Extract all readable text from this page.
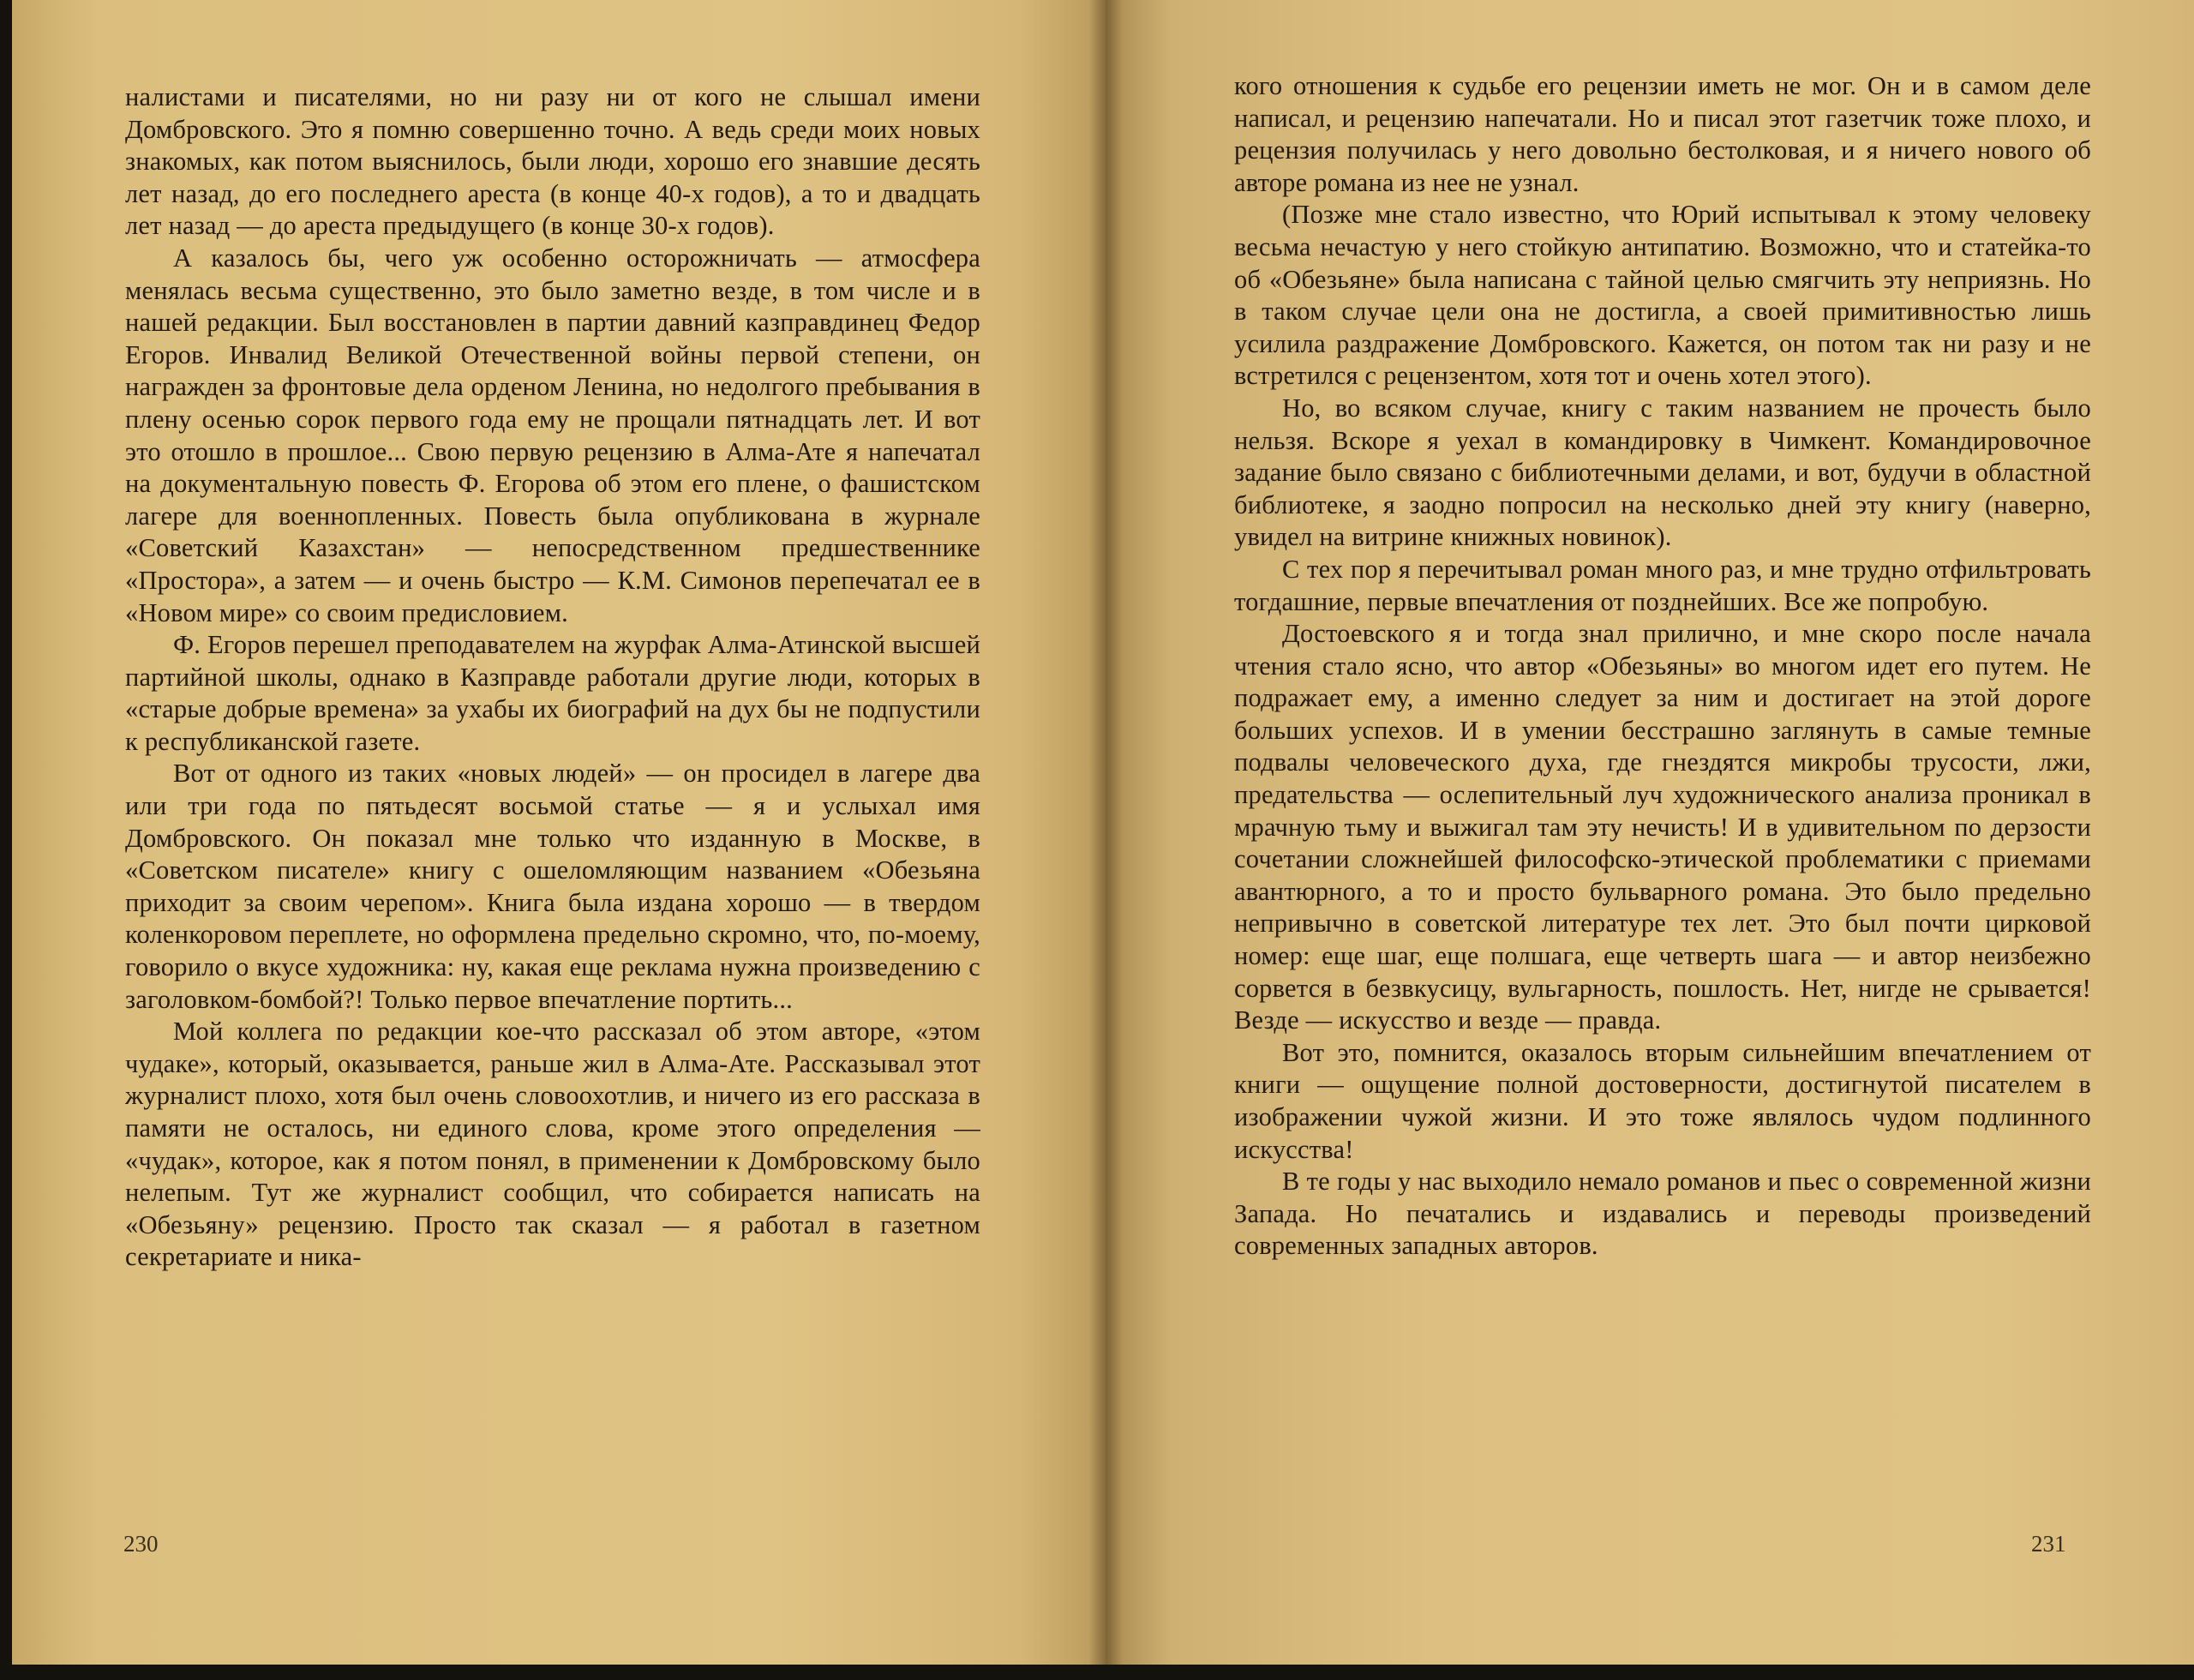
налистами и писателями, но ни разу ни от кого не слышал имени Домбровского. Это я помню совершенно точно. А ведь среди моих новых знакомых, как потом выяснилось, были люди, хорошо его знавшие десять лет назад, до его последнего ареста (в конце 40-х годов), а то и двадцать лет назад — до ареста предыдущего (в конце 30-х годов).

А казалось бы, чего уж особенно осторожничать — атмосфера менялась весьма существенно, это было заметно везде, в том числе и в нашей редакции. Был восстановлен в партии давний казправдинец Федор Егоров. Инвалид Великой Отечественной войны первой степени, он награжден за фронтовые дела орденом Ленина, но недолгого пребывания в плену осенью сорок первого года ему не прощали пятнадцать лет. И вот это отошло в прошлое... Свою первую рецензию в Алма-Ате я напечатал на документальную повесть Ф. Егорова об этом его плене, о фашистском лагере для военнопленных. Повесть была опубликована в журнале «Советский Казахстан» — непосредственном предшественнике «Простора», а затем — и очень быстро — К.М. Симонов перепечатал ее в «Новом мире» со своим предисловием.

Ф. Егоров перешел преподавателем на журфак Алма-Атинской высшей партийной школы, однако в Казправде работали другие люди, которых в «старые добрые времена» за ухабы их биографий на дух бы не подпустили к республиканской газете.

Вот от одного из таких «новых людей» — он просидел в лагере два или три года по пятьдесят восьмой статье — я и услыхал имя Домбровского. Он показал мне только что изданную в Москве, в «Советском писателе» книгу с ошеломляющим названием «Обезьяна приходит за своим черепом». Книга была издана хорошо — в твердом коленкоровом переплете, но оформлена предельно скромно, что, по-моему, говорило о вкусе художника: ну, какая еще реклама нужна произведению с заголовком-бомбой?! Только первое впечатление портить...

Мой коллега по редакции кое-что рассказал об этом авторе, «этом чудаке», который, оказывается, раньше жил в Алма-Ате. Рассказывал этот журналист плохо, хотя был очень словоохотлив, и ничего из его рассказа в памяти не осталось, ни единого слова, кроме этого определения — «чудак», которое, как я потом понял, в применении к Домбровскому было нелепым. Тут же журналист сообщил, что собирается написать на «Обезьяну» рецензию. Просто так сказал — я работал в газетном секретариате и ника-

230

кого отношения к судьбе его рецензии иметь не мог. Он и в самом деле написал, и рецензию напечатали. Но и писал этот газетчик тоже плохо, и рецензия получилась у него довольно бестолковая, и я ничего нового об авторе романа из нее не узнал.

(Позже мне стало известно, что Юрий испытывал к этому человеку весьма нечастую у него стойкую антипатию. Возможно, что и статейка-то об «Обезьяне» была написана с тайной целью смягчить эту неприязнь. Но в таком случае цели она не достигла, а своей примитивностью лишь усилила раздражение Домбровского. Кажется, он потом так ни разу и не встретился с рецензентом, хотя тот и очень хотел этого).

Но, во всяком случае, книгу с таким названием не прочесть было нельзя. Вскоре я уехал в командировку в Чимкент. Командировочное задание было связано с библиотечными делами, и вот, будучи в областной библиотеке, я заодно попросил на несколько дней эту книгу (наверно, увидел на витрине книжных новинок).

С тех пор я перечитывал роман много раз, и мне трудно отфильтровать тогдашние, первые впечатления от позднейших. Все же попробую.

Достоевского я и тогда знал прилично, и мне скоро после начала чтения стало ясно, что автор «Обезьяны» во многом идет его путем. Не подражает ему, а именно следует за ним и достигает на этой дороге больших успехов. И в умении бесстрашно заглянуть в самые темные подвалы человеческого духа, где гнездятся микробы трусости, лжи, предательства — ослепительный луч художнического анализа проникал в мрачную тьму и выжигал там эту нечисть! И в удивительном по дерзости сочетании сложнейшей философско-этической проблематики с приемами авантюрного, а то и просто бульварного романа. Это было предельно непривычно в советской литературе тех лет. Это был почти цирковой номер: еще шаг, еще полшага, еще четверть шага — и автор неизбежно сорвется в безвкусицу, вульгарность, пошлость. Нет, нигде не срывается! Везде — искусство и везде — правда.

Вот это, помнится, оказалось вторым сильнейшим впечатлением от книги — ощущение полной достоверности, достигнутой писателем в изображении чужой жизни. И это тоже являлось чудом подлинного искусства!

В те годы у нас выходило немало романов и пьес о современной жизни Запада. Но печатались и издавались и переводы произведений современных западных авторов.

231
